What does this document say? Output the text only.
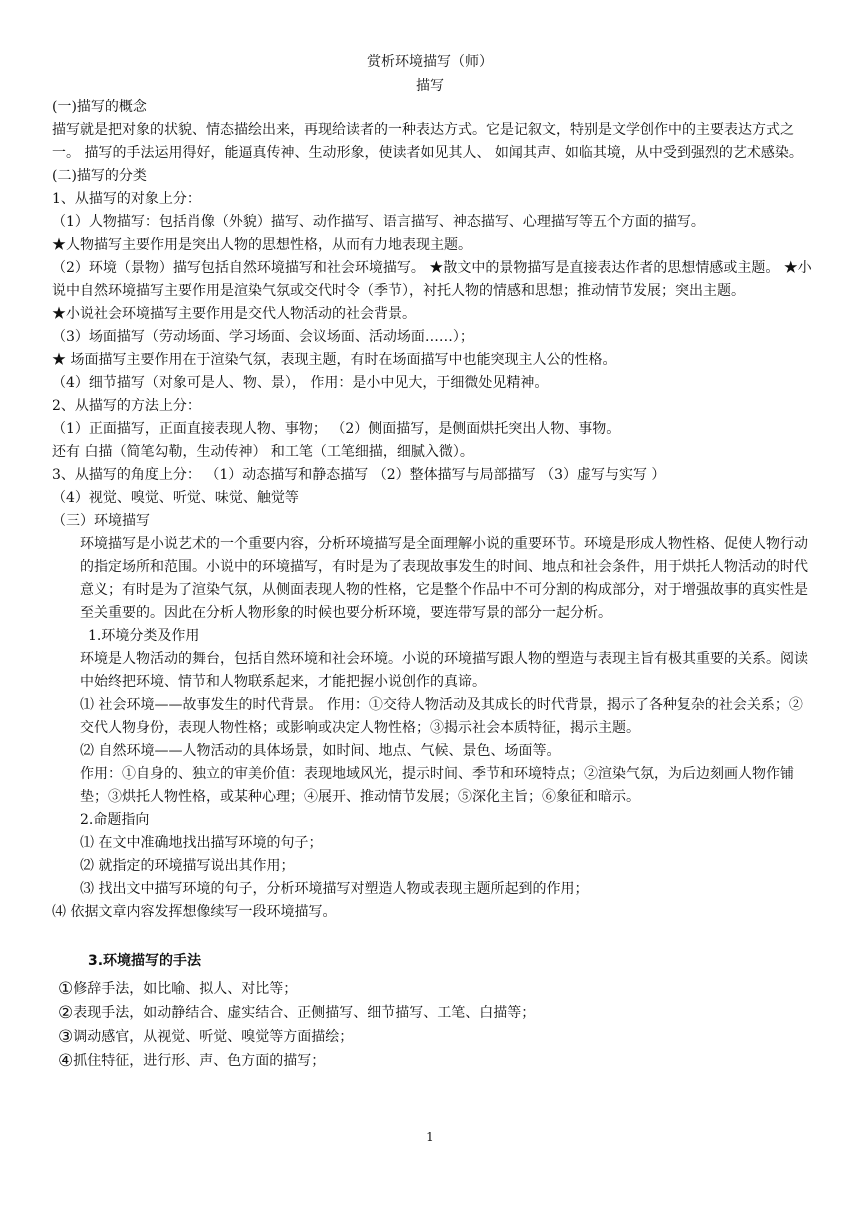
赏析环境描写（师）
描写
(一)描写的概念
描写就是把对象的状貌、情态描绘出来，再现给读者的一种表达方式。它是记叙文，特别是文学创作中的主要表达方式之一。 描写的手法运用得好，能逼真传神、生动形象，使读者如见其人、 如闻其声、如临其境，从中受到强烈的艺术感染。
(二)描写的分类
1、从描写的对象上分：
（1）人物描写：包括肖像（外貌）描写、动作描写、语言描写、神态描写、心理描写等五个方面的描写。
★人物描写主要作用是突出人物的思想性格，从而有力地表现主题。
（2）环境（景物）描写包括自然环境描写和社会环境描写。 ★散文中的景物描写是直接表达作者的思想情感或主题。 ★小说中自然环境描写主要作用是渲染气氛或交代时令（季节），衬托人物的情感和思想；推动情节发展；突出主题。
★小说社会环境描写主要作用是交代人物活动的社会背景。
（3）场面描写（劳动场面、学习场面、会议场面、活动场面……）；
★ 场面描写主要作用在于渲染气氛，表现主题，有时在场面描写中也能突现主人公的性格。
（4）细节描写（对象可是人、物、景）， 作用：是小中见大，于细微处见精神。
2、从描写的方法上分：
（1）正面描写，正面直接表现人物、事物； （2）侧面描写，是侧面烘托突出人物、事物。
还有 白描（简笔勾勒，生动传神） 和工笔（工笔细描，细腻入微）。
3、从描写的角度上分： （1）动态描写和静态描写 （2）整体描写与局部描写 （3）虚写与实写 ）
（4）视觉、嗅觉、听觉、味觉、触觉等
（三）环境描写
环境描写是小说艺术的一个重要内容，分析环境描写是全面理解小说的重要环节。环境是形成人物性格、促使人物行动的指定场所和范围。小说中的环境描写，有时是为了表现故事发生的时间、地点和社会条件，用于烘托人物活动的时代意义；有时是为了渲染气氛，从侧面表现人物的性格，它是整个作品中不可分割的构成部分，对于增强故事的真实性是至关重要的。因此在分析人物形象的时候也要分析环境，要连带写景的部分一起分析。
1.环境分类及作用
环境是人物活动的舞台，包括自然环境和社会环境。小说的环境描写跟人物的塑造与表现主旨有极其重要的关系。阅读中始终把环境、情节和人物联系起来，才能把握小说创作的真谛。
⑴ 社会环境——故事发生的时代背景。 作用：①交待人物活动及其成长的时代背景，揭示了各种复杂的社会关系；②交代人物身份，表现人物性格；或影响或决定人物性格；③揭示社会本质特征，揭示主题。
⑵ 自然环境——人物活动的具体场景，如时间、地点、气候、景色、场面等。
作用：①自身的、独立的审美价值：表现地域风光，提示时间、季节和环境特点；②渲染气氛，为后边刻画人物作铺垫；③烘托人物性格，或某种心理；④展开、推动情节发展；⑤深化主旨；⑥象征和暗示。
2.命题指向
⑴ 在文中准确地找出描写环境的句子；
⑵ 就指定的环境描写说出其作用；
⑶ 找出文中描写环境的句子，分析环境描写对塑造人物或表现主题所起到的作用；
⑷ 依据文章内容发挥想像续写一段环境描写。
3.环境描写的手法
①修辞手法，如比喻、拟人、对比等；
②表现手法，如动静结合、虚实结合、正侧描写、细节描写、工笔、白描等；
③调动感官，从视觉、听觉、嗅觉等方面描绘；
④抓住特征，进行形、声、色方面的描写；
1
